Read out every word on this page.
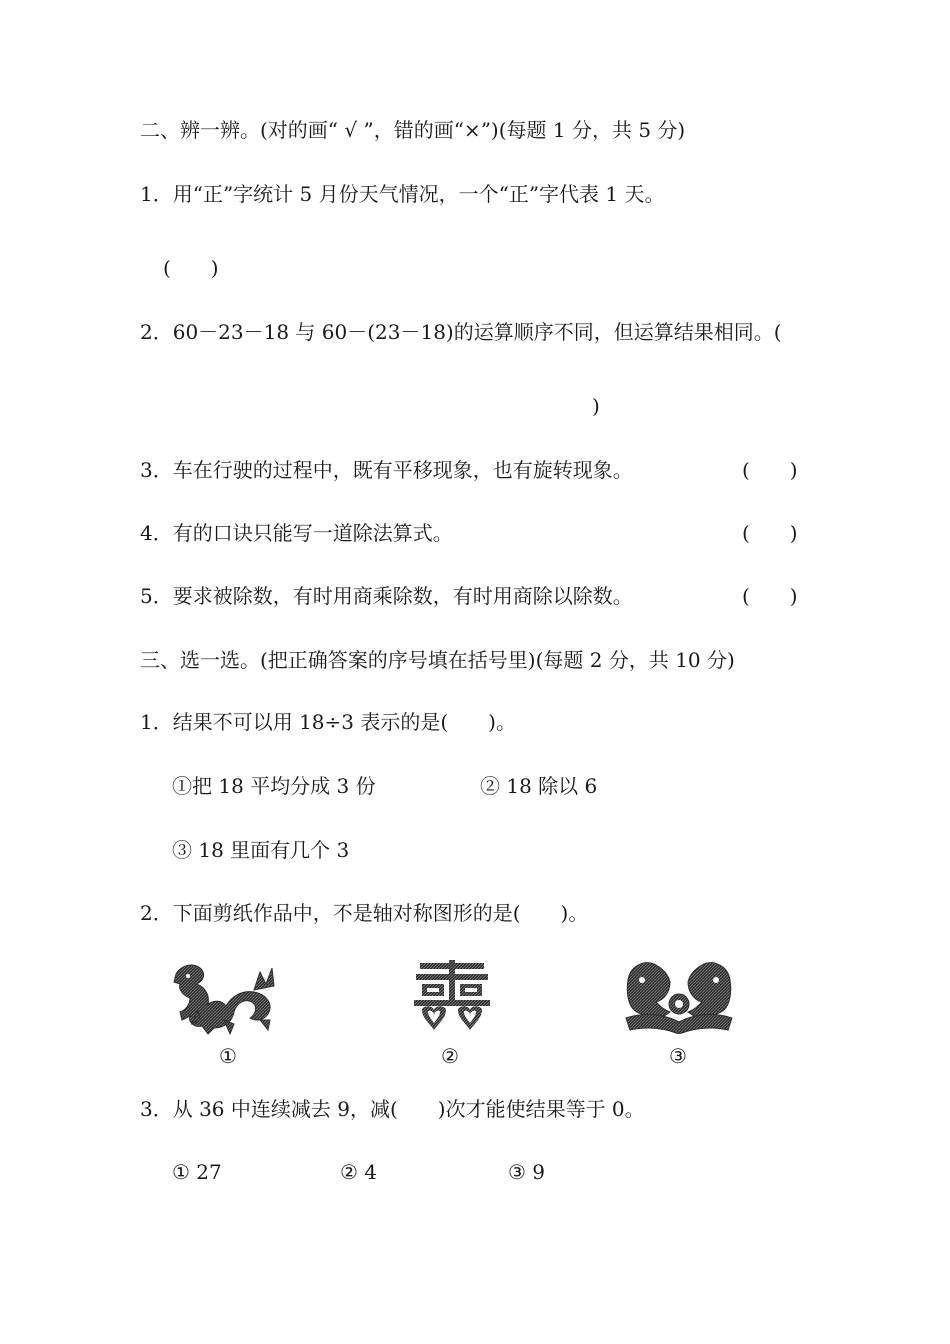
二、辨一辨。(对的画“ √ ”，错的画“×”)(每题 1 分，共 5 分)
1．用“正”字统计 5 月份天气情况，一个“正”字代表 1 天。
(　　)
2．60－23－18 与 60－(23－18)的运算顺序不同，但运算结果相同。(
)
3．车在行驶的过程中，既有平移现象，也有旋转现象。	(　　)
4．有的口诀只能写一道除法算式。	(　　)
5．要求被除数，有时用商乘除数，有时用商除以除数。	(　　)
三、选一选。(把正确答案的序号填在括号里)(每题 2 分，共 10 分)
1．结果不可以用 18÷3 表示的是(　　)。
①把 18 平均分成 3 份	② 18 除以 6
③ 18 里面有几个 3
2．下面剪纸作品中，不是轴对称图形的是(　　)。
①	②	③
3．从 36 中连续减去 9，减(　　)次才能使结果等于 0。
① 27	② 4	③ 9
